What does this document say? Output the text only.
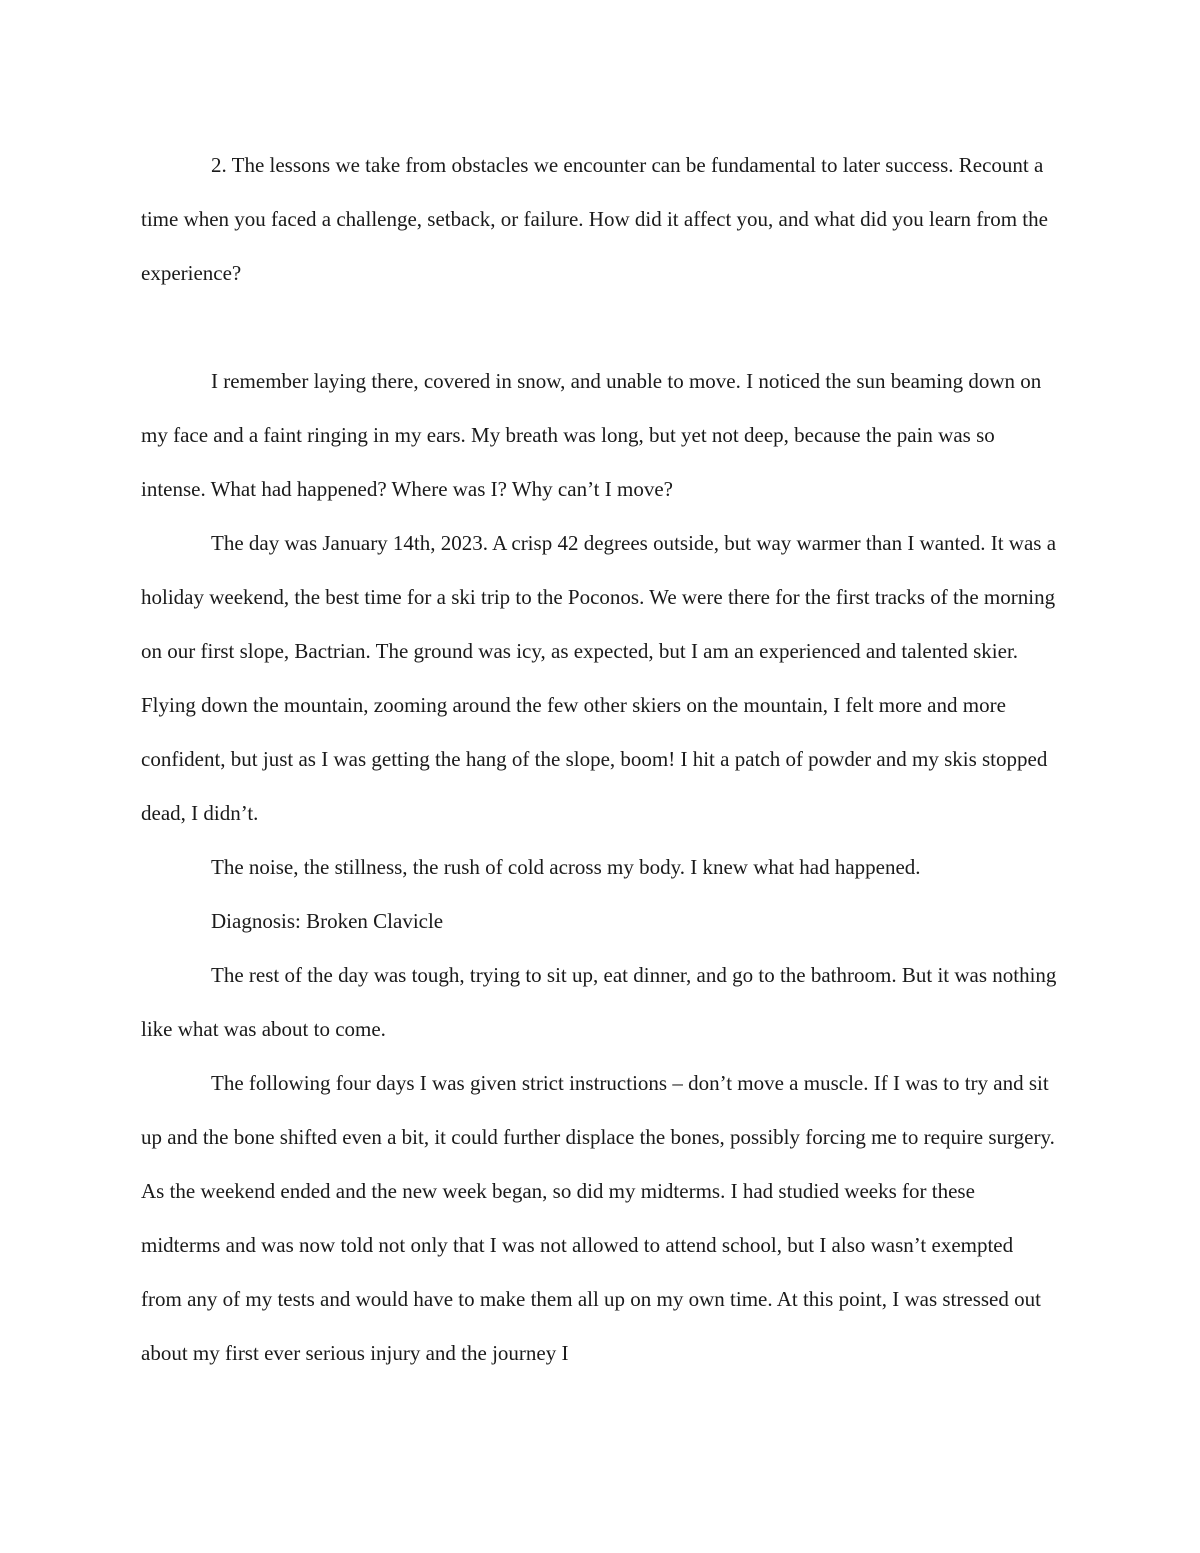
2. The lessons we take from obstacles we encounter can be fundamental to later success. Recount a time when you faced a challenge, setback, or failure. How did it affect you, and what did you learn from the experience?

I remember laying there, covered in snow, and unable to move. I noticed the sun beaming down on my face and a faint ringing in my ears. My breath was long, but yet not deep, because the pain was so intense. What had happened? Where was I? Why can’t I move?

The day was January 14th, 2023. A crisp 42 degrees outside, but way warmer than I wanted. It was a holiday weekend, the best time for a ski trip to the Poconos. We were there for the first tracks of the morning on our first slope, Bactrian. The ground was icy, as expected, but I am an experienced and talented skier. Flying down the mountain, zooming around the few other skiers on the mountain, I felt more and more confident, but just as I was getting the hang of the slope, boom! I hit a patch of powder and my skis stopped dead, I didn’t.

The noise, the stillness, the rush of cold across my body. I knew what had happened.

Diagnosis: Broken Clavicle

The rest of the day was tough, trying to sit up, eat dinner, and go to the bathroom. But it was nothing like what was about to come.

The following four days I was given strict instructions – don’t move a muscle. If I was to try and sit up and the bone shifted even a bit, it could further displace the bones, possibly forcing me to require surgery. As the weekend ended and the new week began, so did my midterms. I had studied weeks for these midterms and was now told not only that I was not allowed to attend school, but I also wasn’t exempted from any of my tests and would have to make them all up on my own time. At this point, I was stressed out about my first ever serious injury and the journey I
